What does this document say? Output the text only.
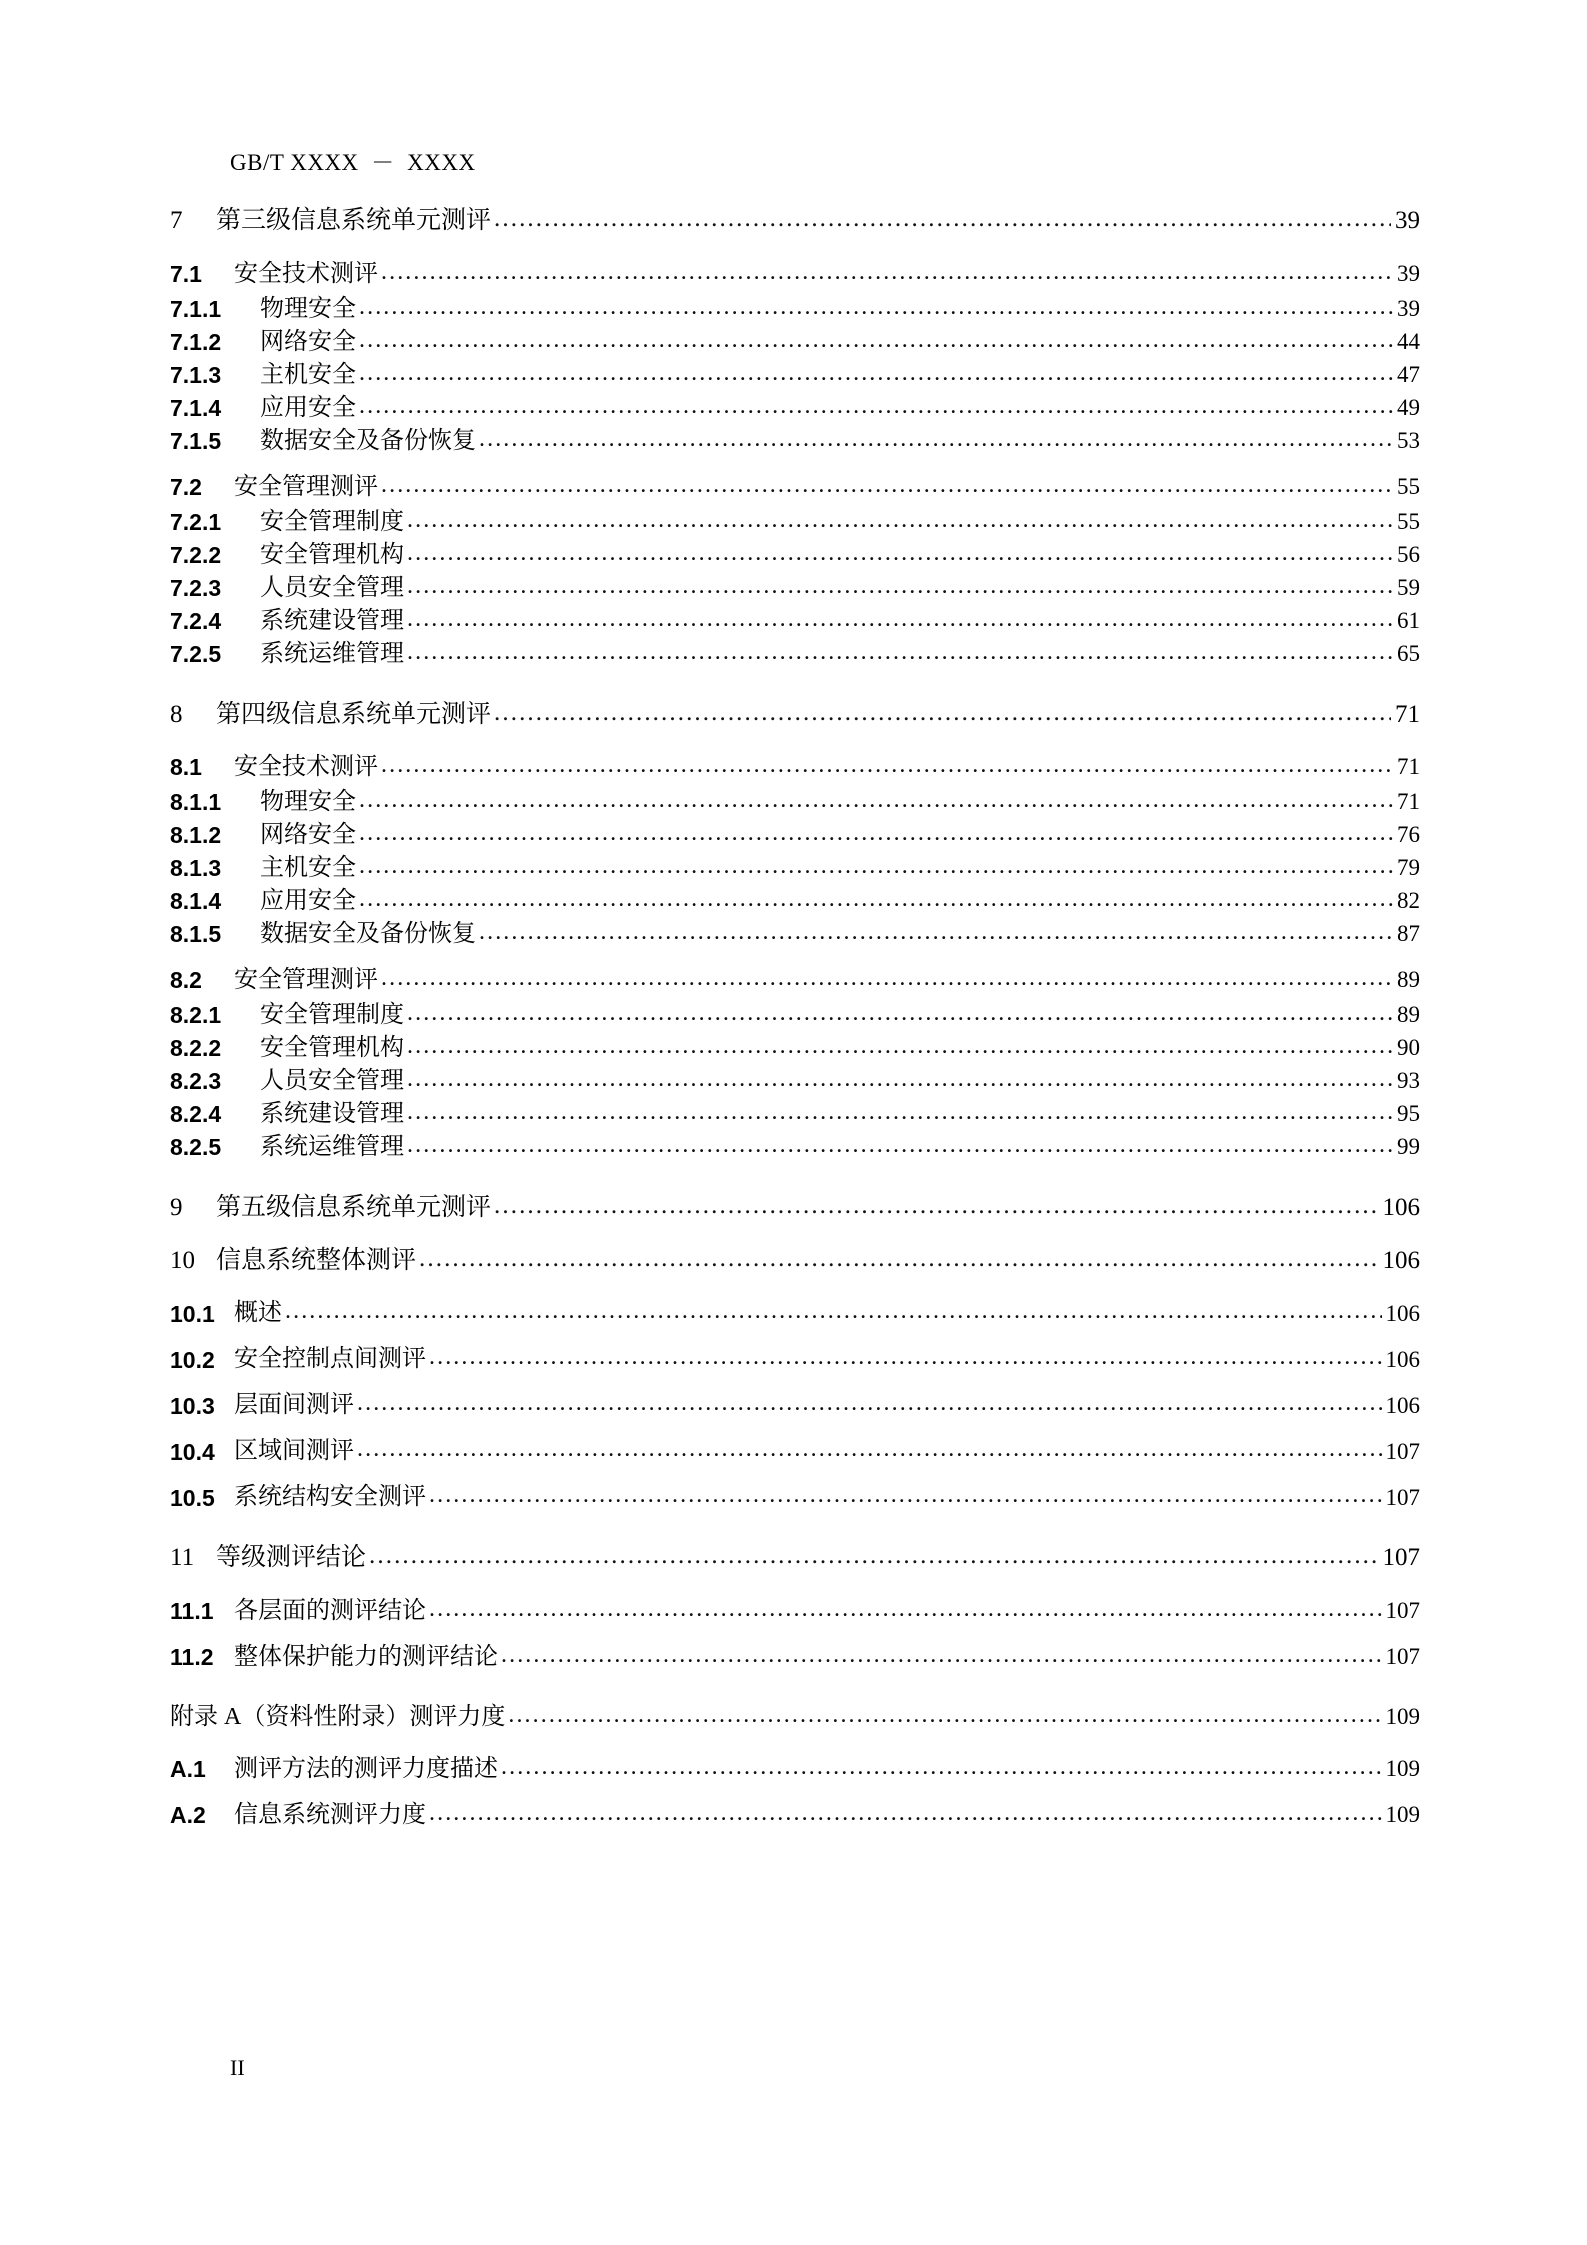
GB/T XXXX  －  XXXX
7	第三级信息系统单元测评 .....	39
7.1	安全技术测评 .....	39
7.1.1	物理安全 .....	39
7.1.2	网络安全 .....	44
7.1.3	主机安全 .....	47
7.1.4	应用安全 .....	49
7.1.5	数据安全及备份恢复 .....	53
7.2	安全管理测评 .....	55
7.2.1	安全管理制度 .....	55
7.2.2	安全管理机构 .....	56
7.2.3	人员安全管理 .....	59
7.2.4	系统建设管理 .....	61
7.2.5	系统运维管理 .....	65
8	第四级信息系统单元测评 .....	71
8.1	安全技术测评 .....	71
8.1.1	物理安全 .....	71
8.1.2	网络安全 .....	76
8.1.3	主机安全 .....	79
8.1.4	应用安全 .....	82
8.1.5	数据安全及备份恢复 .....	87
8.2	安全管理测评 .....	89
8.2.1	安全管理制度 .....	89
8.2.2	安全管理机构 .....	90
8.2.3	人员安全管理 .....	93
8.2.4	系统建设管理 .....	95
8.2.5	系统运维管理 .....	99
9	第五级信息系统单元测评 .....	106
10 信息系统整体测评 .....	106
10.1 概述 .....	106
10.2 安全控制点间测评 .....	106
10.3 层面间测评 .....	106
10.4 区域间测评 .....	107
10.5 系统结构安全测评 .....	107
11 等级测评结论 .....	107
11.1 各层面的测评结论 .....	107
11.2 整体保护能力的测评结论 .....	107
附录 A（资料性附录）测评力度 .....	109
A.1	测评方法的测评力度描述 .....	109
A.2	信息系统测评力度 .....	109
II
